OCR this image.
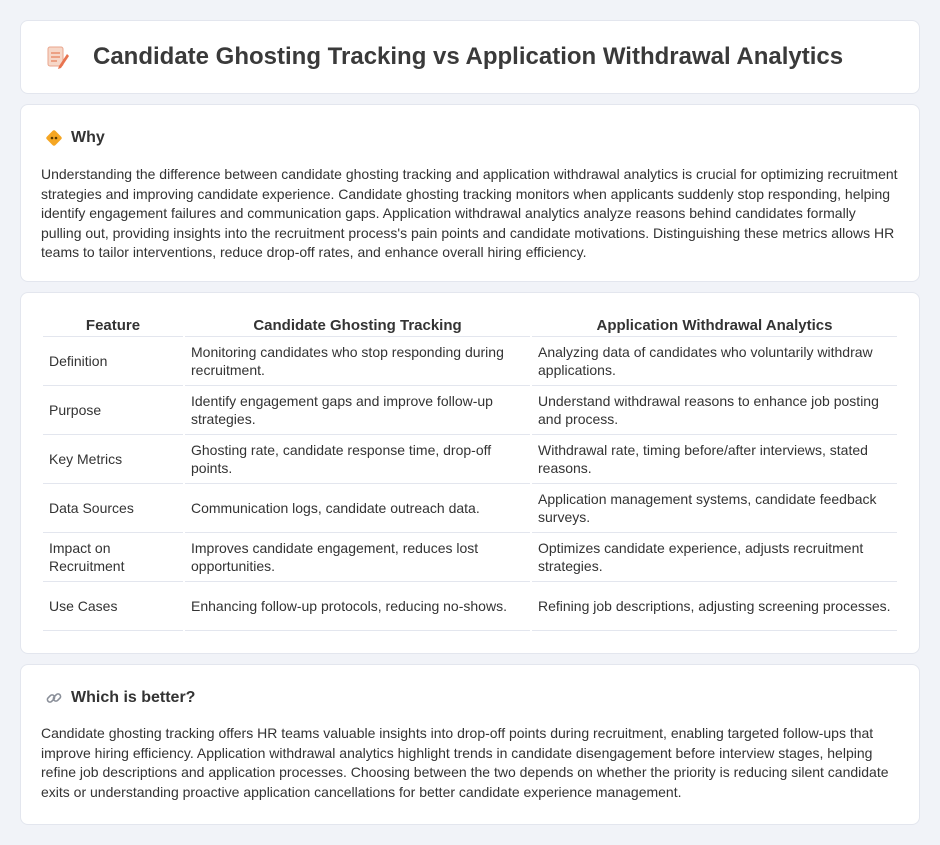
Candidate Ghosting Tracking vs Application Withdrawal Analytics
Why
Understanding the difference between candidate ghosting tracking and application withdrawal analytics is crucial for optimizing recruitment strategies and improving candidate experience. Candidate ghosting tracking monitors when applicants suddenly stop responding, helping identify engagement failures and communication gaps. Application withdrawal analytics analyze reasons behind candidates formally pulling out, providing insights into the recruitment process's pain points and candidate motivations. Distinguishing these metrics allows HR teams to tailor interventions, reduce drop-off rates, and enhance overall hiring efficiency.
Feature	Candidate Ghosting Tracking	Application Withdrawal Analytics
Definition	Monitoring candidates who stop responding during recruitment.	Analyzing data of candidates who voluntarily withdraw applications.
Purpose	Identify engagement gaps and improve follow-up strategies.	Understand withdrawal reasons to enhance job posting and process.
Key Metrics	Ghosting rate, candidate response time, drop-off points.	Withdrawal rate, timing before/after interviews, stated reasons.
Data Sources	Communication logs, candidate outreach data.	Application management systems, candidate feedback surveys.
Impact on Recruitment	Improves candidate engagement, reduces lost opportunities.	Optimizes candidate experience, adjusts recruitment strategies.
Use Cases	Enhancing follow-up protocols, reducing no-shows.	Refining job descriptions, adjusting screening processes.
Which is better?
Candidate ghosting tracking offers HR teams valuable insights into drop-off points during recruitment, enabling targeted follow-ups that improve hiring efficiency. Application withdrawal analytics highlight trends in candidate disengagement before interview stages, helping refine job descriptions and application processes. Choosing between the two depends on whether the priority is reducing silent candidate exits or understanding proactive application cancellations for better candidate experience management.
